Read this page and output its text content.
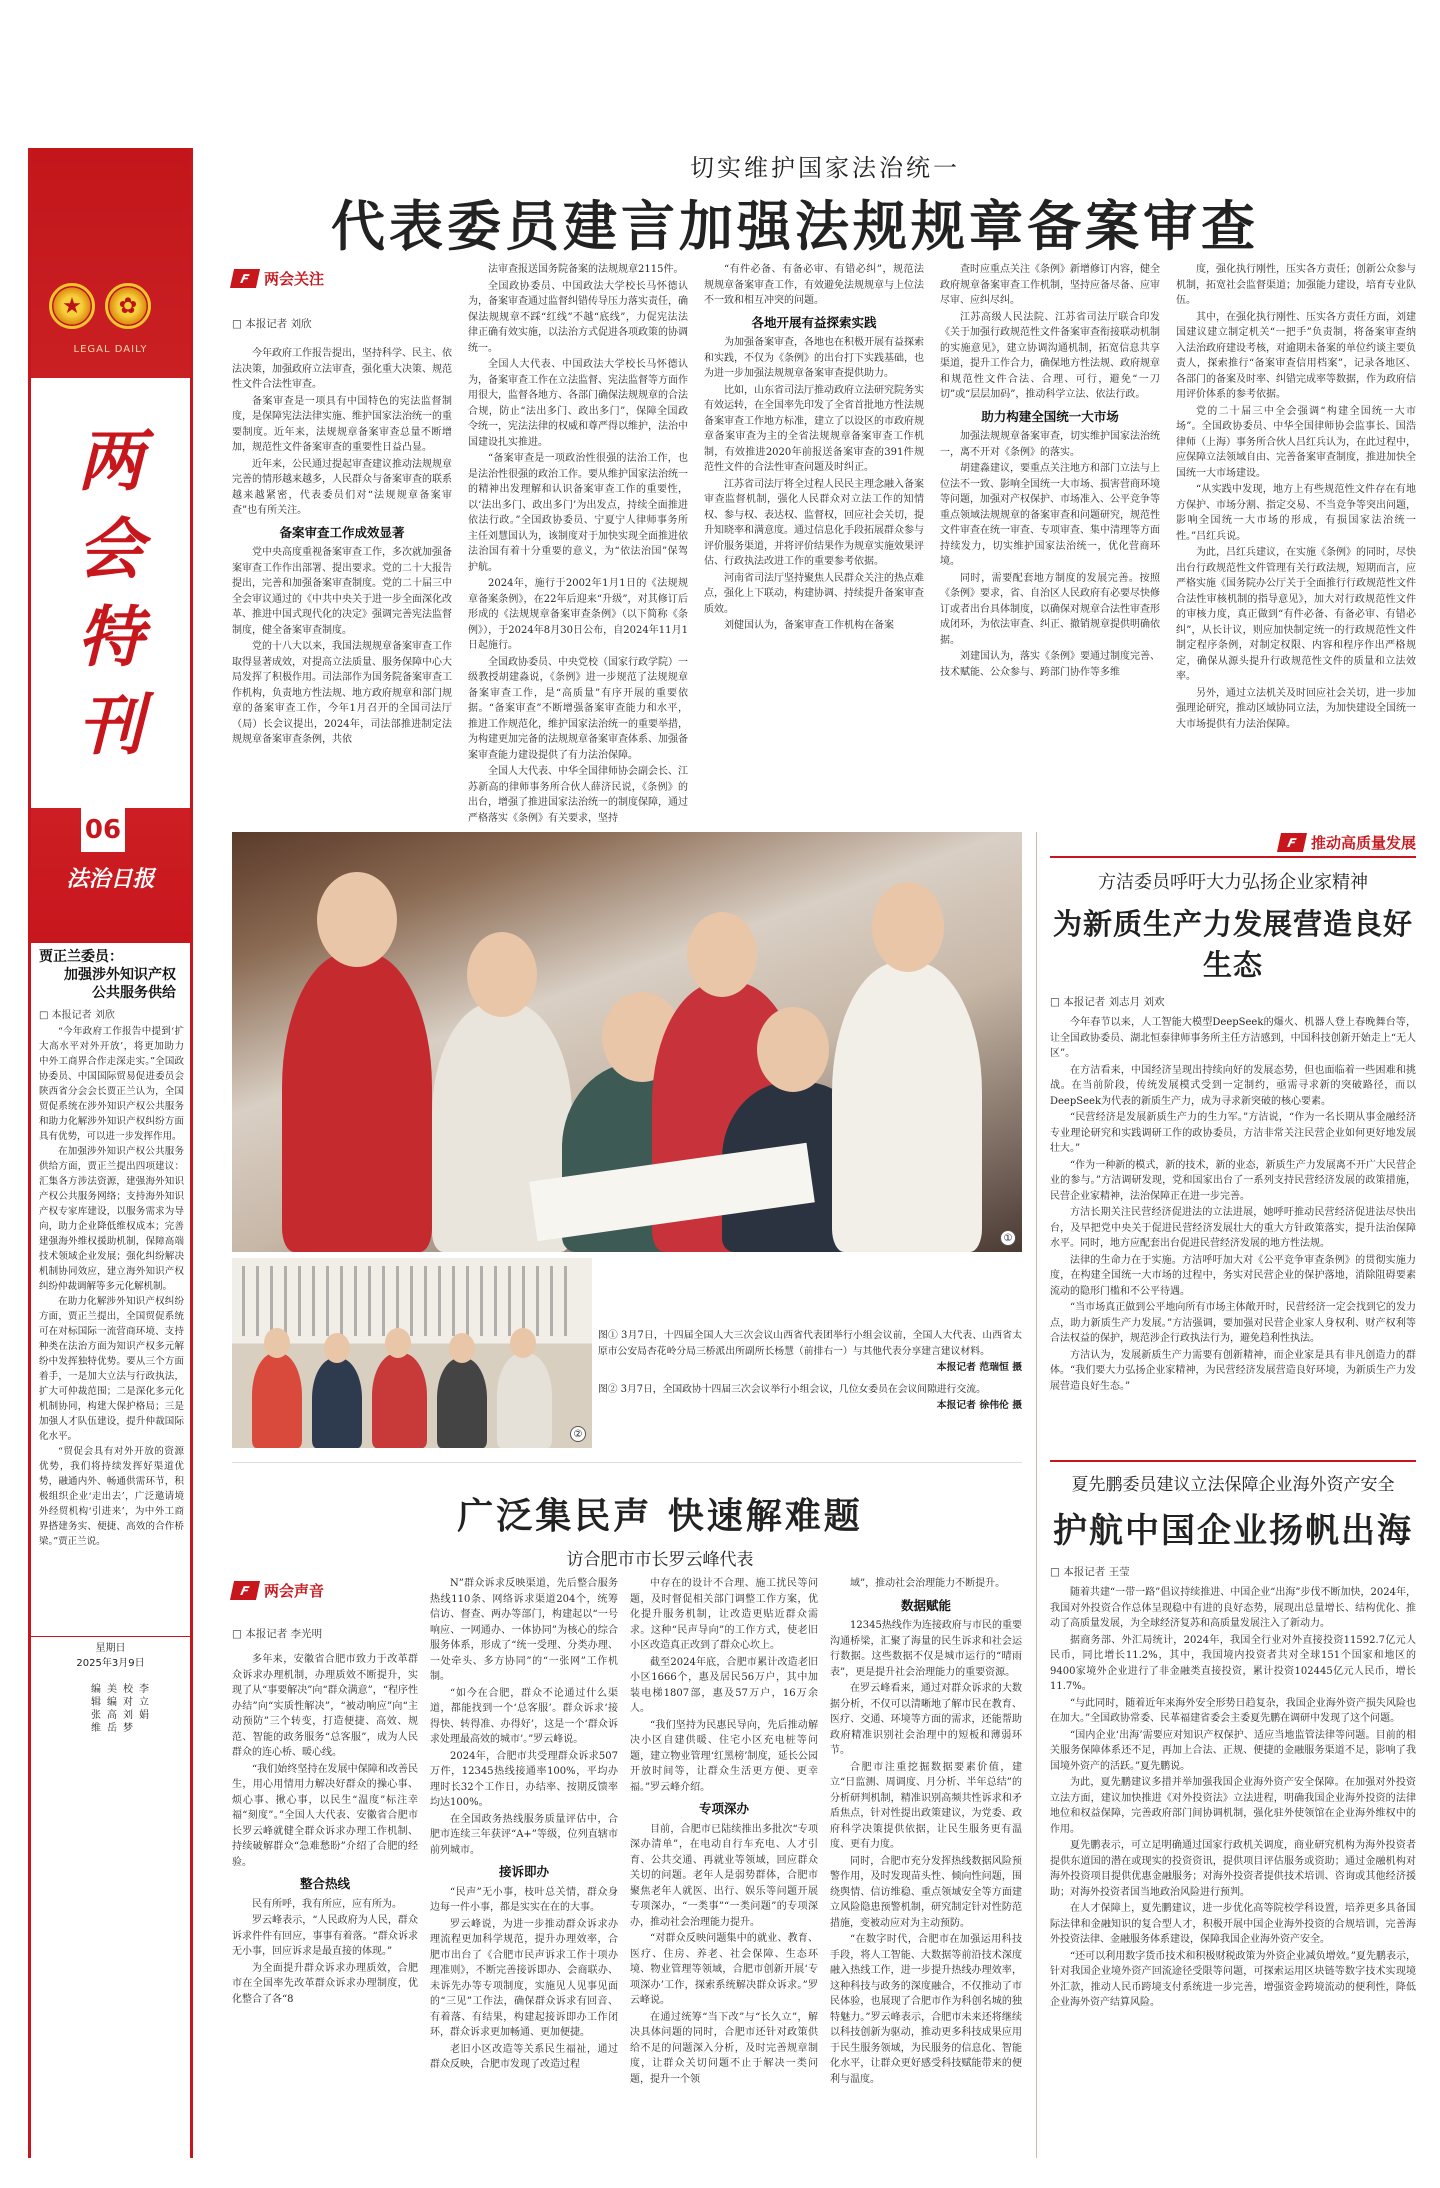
★	✿
LEGAL DAILY
两
会
特
刊
06
法治日报
贾正兰委员：

加强涉外知识产权
公共服务供给
□ 本报记者 刘欣

“今年政府工作报告中提到‘扩大高水平对外开放’，将更加助力中外工商界合作走深走实。”全国政协委员、中国国际贸易促进委员会陕西省分会会长贾正兰认为，全国贸促系统在涉外知识产权公共服务和助力化解涉外知识产权纠纷方面具有优势，可以进一步发挥作用。

在加强涉外知识产权公共服务供给方面，贾正兰提出四项建议：汇集各方涉法资源，建强海外知识产权公共服务网络；支持海外知识产权专家库建设，以服务需求为导向，助力企业降低维权成本；完善建强海外维权援助机制，保障高端技术领域企业发展；强化纠纷解决机制协同效应，建立海外知识产权纠纷仲裁调解等多元化解机制。

在助力化解涉外知识产权纠纷方面，贾正兰提出，全国贸促系统可在对标国际一流营商环境、支持种类在法治方面为知识产权多元解纷中发挥独特优势。要从三个方面着手，一是加大立法与行政执法，扩大可仲裁范围；二是深化多元化机制协同，构建大保护格局；三是加强人才队伍建设，提升仲裁国际化水平。

“贸促会具有对外开放的资源优势，我们将持续发挥好渠道优势，融通内外、畅通供需环节，积极组织企业‘走出去’，广泛邀请境外经贸机构‘引进来’，为中外工商界搭建务实、便捷、高效的合作桥梁。”贾正兰说。

星期日
2025年3月9日
编辑 张维
美编 高岳
校对 刘梦
李立娟
切实维护国家法治统一
代表委员建言加强法规规章备案审查
F 两会关注
□ 本报记者 刘欣

今年政府工作报告提出，坚持科学、民主、依法决策，加强政府立法审查，强化重大决策、规范性文件合法性审查。

备案审查是一项具有中国特色的宪法监督制度，是保障宪法法律实施、维护国家法治统一的重要制度。近年来，法规规章备案审查总量不断增加，规范性文件备案审查的重要性日益凸显。

近年来，公民通过提起审查建议推动法规规章完善的情形越来越多，人民群众与备案审查的联系越来越紧密，代表委员们对“法规规章备案审查”也有所关注。

备案审查工作成效显著

党中央高度重视备案审查工作，多次就加强备案审查工作作出部署、提出要求。党的二十大报告提出，完善和加强备案审查制度。党的二十届三中全会审议通过的《中共中央关于进一步全面深化改革、推进中国式现代化的决定》强调完善宪法监督制度，健全备案审查制度。

党的十八大以来，我国法规规章备案审查工作取得显著成效，对提高立法质量、服务保障中心大局发挥了积极作用。司法部作为国务院备案审查工作机构，负责地方性法规、地方政府规章和部门规章的备案审查工作，今年1月召开的全国司法厅（局）长会议提出，2024年，司法部推进制定法规规章备案审查条例，共依

法审查报送国务院备案的法规规章2115件。

全国政协委员、中国政法大学校长马怀德认为，备案审查通过监督纠错传导压力落实责任，确保法规规章不踩“红线”不越“底线”，力促宪法法律正确有效实施，以法治方式促进各项政策的协调统一。

全国人大代表、中国政法大学校长马怀德认为，备案审查工作在立法监督、宪法监督等方面作用很大，监督各地方、各部门确保法规规章的合法合规，防止“法出多门、政出多门”，保障全国政令统一，宪法法律的权威和尊严得以维护，法治中国建设扎实推进。

“备案审查是一项政治性很强的法治工作，也是法治性很强的政治工作。要从维护国家法治统一的精神出发理解和认识备案审查工作的重要性，以‘法出多门、政出多门’为出发点，持续全面推进依法行政。”全国政协委员、宁夏宁人律师事务所主任刘慧国认为，该制度对于加快实现全面推进依法治国有着十分重要的意义，为“依法治国”保驾护航。

2024年，施行于2002年1月1日的《法规规章备案条例》，在22年后迎来“升级”，对其修订后形成的《法规规章备案审查条例》（以下简称《条例》），于2024年8月30日公布，自2024年11月1日起施行。

全国政协委员、中央党校（国家行政学院）一级教授胡建淼说，《条例》进一步规范了法规规章备案审查工作，是“高质量”有序开展的重要依据。“备案审查”不断增强备案审查能力和水平，推进工作规范化，维护国家法治统一的重要举措，为构建更加完备的法规规章备案审查体系、加强备案审查能力建设提供了有力法治保障。

全国人大代表、中华全国律师协会副会长、江苏新高的律师事务所合伙人薛济民说，《条例》的出台，增强了推进国家法治统一的制度保障，通过严格落实《条例》有关要求，坚持

“有件必备、有备必审、有错必纠”，规范法规规章备案审查工作，有效避免法规规章与上位法不一致和相互冲突的问题。

各地开展有益探索实践

为加强备案审查，各地也在积极开展有益探索和实践，不仅为《条例》的出台打下实践基础，也为进一步加强法规规章备案审查提供助力。

比如，山东省司法厅推动政府立法研究院务实有效运转，在全国率先印发了全省首批地方性法规备案审查工作地方标准，建立了以设区的市政府规章备案审查为主的全省法规规章备案审查工作机制，有效推进2020年前报送备案审查的391件规范性文件的合法性审查问题及时纠正。

江苏省司法厅将全过程人民民主理念融入备案审查监督机制，强化人民群众对立法工作的知情权、参与权、表达权、监督权，回应社会关切，提升知晓率和满意度。通过信息化手段拓展群众参与评价服务渠道，并将评价结果作为规章实施效果评估、行政执法改进工作的重要参考依据。

河南省司法厅坚持聚焦人民群众关注的热点难点，强化上下联动，构建协调、持续提升备案审查质效。

刘健国认为，备案审查工作机构在备案

查时应重点关注《条例》新增修订内容，健全政府规章备案审查工作机制，坚持应备尽备、应审尽审、应纠尽纠。

江苏高级人民法院、江苏省司法厅联合印发《关于加强行政规范性文件备案审查衔接联动机制的实施意见》，建立协调沟通机制，拓宽信息共享渠道，提升工作合力，确保地方性法规、政府规章和规范性文件合法、合理、可行，避免“一刀切”或“层层加码”，推动科学立法、依法行政。

助力构建全国统一大市场

加强法规规章备案审查，切实维护国家法治统一，离不开对《条例》的落实。

胡建淼建议，要重点关注地方和部门立法与上位法不一致、影响全国统一大市场、损害营商环境等问题，加强对产权保护、市场准入、公平竞争等重点领域法规规章的备案审查和问题研究，规范性文件审查在统一审查、专项审查、集中清理等方面持续发力，切实维护国家法治统一，优化营商环境。

同时，需要配套地方制度的发展完善。按照《条例》要求，省、自治区人民政府有必要尽快修订或者出台具体制度，以确保对规章合法性审查形成闭环，为依法审查、纠正、撤销规章提供明确依据。

刘建国认为，落实《条例》要通过制度完善、技术赋能、公众参与、跨部门协作等多维

度，强化执行刚性，压实各方责任；创新公众参与机制，拓宽社会监督渠道；加强能力建设，培育专业队伍。

其中，在强化执行刚性、压实各方责任方面，刘建国建议建立制定机关“一把手”负责制，将备案审查纳入法治政府建设考核，对逾期未备案的单位约谈主要负责人，探索推行“备案审查信用档案”，记录各地区、各部门的备案及时率、纠错完成率等数据，作为政府信用评价体系的参考依据。

党的二十届三中全会强调“构建全国统一大市场”。全国政协委员、中华全国律师协会监事长、国浩律师（上海）事务所合伙人吕红兵认为，在此过程中，应保障立法领域自由、完善备案审查制度，推进加快全国统一大市场建设。

“从实践中发现，地方上有些规范性文件存在有地方保护、市场分割、指定交易、不当竞争等突出问题，影响全国统一大市场的形成，有损国家法治统一性。”吕红兵说。

为此，吕红兵建议，在实施《条例》的同时，尽快出台行政规范性文件管理有关行政法规，短期而言，应严格实施《国务院办公厅关于全面推行行政规范性文件合法性审核机制的指导意见》，加大对行政规范性文件的审核力度，真正做到“有件必备、有备必审、有错必纠”，从长计议，则应加快制定统一的行政规范性文件制定程序条例，对制定权限、内容和程序作出严格规定，确保从源头提升行政规范性文件的质量和立法效率。

另外，通过立法机关及时回应社会关切，进一步加强理论研究，推动区域协同立法，为加快建设全国统一大市场提供有力法治保障。

①
②
图① 3月7日，十四届全国人大三次会议山西省代表团举行小组会议前，全国人大代表、山西省太原市公安局杏花岭分局三桥派出所副所长杨慧（前排右一）与其他代表分享建言建议材料。
本报记者 范瑞恒 摄
图② 3月7日，全国政协十四届三次会议举行小组会议，几位女委员在会议间隙进行交流。
本报记者 徐伟伦 摄
F 推动高质量发展
方洁委员呼吁大力弘扬企业家精神
为新质生产力发展营造良好生态
□ 本报记者 刘志月 刘欢

今年春节以来，人工智能大模型DeepSeek的爆火、机器人登上春晚舞台等，让全国政协委员、湖北恒泰律师事务所主任方洁感到，中国科技创新开始走上“无人区”。

在方洁看来，中国经济呈现出持续向好的发展态势，但也面临着一些困难和挑战。在当前阶段，传统发展模式受到一定制约，亟需寻求新的突破路径，而以DeepSeek为代表的新质生产力，成为寻求新突破的核心要素。

“民营经济是发展新质生产力的生力军。”方洁说，“作为一名长期从事金融经济专业理论研究和实践调研工作的政协委员，方洁非常关注民营企业如何更好地发展壮大。”

“作为一种新的模式，新的技术，新的业态，新质生产力发展离不开广大民营企业的参与。”方洁调研发现，党和国家出台了一系列支持民营经济发展的政策措施，民营企业家精神，法治保障正在进一步完善。

方洁长期关注民营经济促进法的立法进展，她呼吁推动民营经济促进法尽快出台，及早把党中央关于促进民营经济发展壮大的重大方针政策落实，提升法治保障水平。同时，地方应配套出台促进民营经济发展的地方性法规。

法律的生命力在于实施。方洁呼吁加大对《公平竞争审查条例》的贯彻实施力度，在构建全国统一大市场的过程中，务实对民营企业的保护落地，消除阻碍要素流动的隐形门槛和不公平待遇。

“当市场真正做到公平地向所有市场主体敞开时，民营经济一定会找到它的发力点，助力新质生产力发展。”方洁强调，要加强对民营企业家人身权利、财产权利等合法权益的保护，规范涉企行政执法行为，避免趋利性执法。

方洁认为，发展新质生产力需要有创新精神，而企业家是具有非凡创造力的群体。“我们要大力弘扬企业家精神，为民营经济发展营造良好环境，为新质生产力发展营造良好生态。”

夏先鹏委员建议立法保障企业海外资产安全
护航中国企业扬帆出海
□ 本报记者 王莹

随着共建“一带一路”倡议持续推进、中国企业“出海”步伐不断加快，2024年，我国对外投资合作总体呈现稳中有进的良好态势，展现出总量增长、结构优化、推动了高质量发展，为全球经济复苏和高质量发展注入了新动力。

据商务部、外汇局统计，2024年，我国全行业对外直接投资11592.7亿元人民币，同比增长11.2%，其中，我国境内投资者共对全球151个国家和地区的9400家境外企业进行了非金融类直接投资，累计投资102445亿元人民币，增长11.7%。

“与此同时，随着近年来海外安全形势日趋复杂，我国企业海外资产损失风险也在加大。”全国政协常委、民革福建省委会主委夏先鹏在调研中发现了这个问题。

“国内企业‘出海’需要应对知识产权保护、适应当地监管法律等问题。目前的相关服务保障体系还不足，再加上合法、正规、便捷的金融服务渠道不足，影响了我国境外资产的活跃。”夏先鹏说。

为此，夏先鹏建议多措并举加强我国企业海外资产安全保障。在加强对外投资立法方面，建议加快推进《对外投资法》立法进程，明确我国企业海外投资的法律地位和权益保障，完善政府部门间协调机制，强化驻外使领馆在企业海外维权中的作用。

夏先鹏表示，可立足明确通过国家行政机关调度，商业研究机构为海外投资者提供东道国的潜在或现实的投资资讯，提供项目评估服务或资助；通过金融机构对海外投资项目提供优惠金融服务；对海外投资者提供技术培训、咨询或其他经济援助；对海外投资者国当地政治风险进行预判。

在人才保障上，夏先鹏建议，进一步优化高等院校学科设置，培养更多具备国际法律和金融知识的复合型人才，积极开展中国企业海外投资的合规培训，完善海外投资法律、金融服务体系建设，保障我国企业海外资产安全。

“还可以利用数字货币技术和积极财税政策为外资企业减负增效。”夏先鹏表示，针对我国企业境外资产回流途径受限等问题，可探索运用区块链等数字技术实现境外汇款，推动人民币跨境支付系统进一步完善，增强资金跨境流动的便利性，降低企业海外资产结算风险。

广泛集民声 快速解难题
访合肥市市长罗云峰代表
F 两会声音
□ 本报记者 李光明

多年来，安徽省合肥市致力于改革群众诉求办理机制，办理质效不断提升，实现了从“事要解决”向“群众满意”，“程序性办结”向“实质性解决”，“被动响应”向“主动预防”三个转变，打造便捷、高效、规范、智能的政务服务“总客服”，成为人民群众的连心桥、暖心线。

“我们始终坚持在发展中保障和改善民生，用心用情用力解决好群众的操心事、烦心事、揪心事，以民生“温度”标注幸福“刻度”。”全国人大代表、安徽省合肥市长罗云峰就健全群众诉求办理工作机制、持续破解群众“急难愁盼”介绍了合肥的经验。

整合热线

民有所呼，我有所应，应有所为。

罗云峰表示，“人民政府为人民，群众诉求件件有回应，事事有着落。“群众诉求无小事，回应诉求是最直接的体现。”

为全面提升群众诉求办理质效，合肥市在全国率先改革群众诉求办理制度，优化整合了各“8

N”群众诉求反映渠道，先后整合服务热线110条、网络诉求渠道204个，统筹信访、督查、两办等部门，构建起以“一号响应、一网通办、一体协同”为核心的综合服务体系，形成了“统一受理、分类办理、一处牵头、多方协同”的“一张网”工作机制。

“如今在合肥，群众不论通过什么渠道，都能找到一个‘总客服’。群众诉求‘接得快、转得准、办得好’，这是一个‘群众诉求处理最高效的城市’。”罗云峰说。

2024年，合肥市共受理群众诉求507万件，12345热线接通率100%，平均办理时长32个工作日，办结率、按期反馈率均达100%。

在全国政务热线服务质量评估中，合肥市连续三年获评“A+”等级，位列直辖市前列城市。

接诉即办

“民声”无小事，枝叶总关情，群众身边每一件小事，都是实实在在的大事。

罗云峰说，为进一步推动群众诉求办理流程更加科学规范，提升办理效率，合肥市出台了《合肥市民声诉求工作十项办理准则》，不断完善接诉即办、会商联办、未诉先办等专项制度，实施见人见事见面的“三见”工作法，确保群众诉求有回音、有着落、有结果，构建起接诉即办工作闭环，群众诉求更加畅通、更加便捷。

老旧小区改造等关系民生福祉，通过群众反映，合肥市发现了改造过程

中存在的设计不合理、施工扰民等问题，及时督促相关部门调整工作方案，优化提升服务机制，让改造更贴近群众需求。这种“民声导向”的工作方式，使老旧小区改造真正改到了群众心坎上。

截至2024年底，合肥市累计改造老旧小区1666个，惠及居民56万户，其中加装电梯1807部，惠及57万户，16万余人。

“我们坚持为民惠民导向，先后推动解决小区自建供暖、住宅小区充电桩等问题，建立物业管理‘红黑榜’制度，延长公园开放时间等，让群众生活更方便、更幸福。”罗云峰介绍。

专项深办

目前，合肥市已陆续推出多批次“专项深办清单”，在电动自行车充电、人才引育、公共交通、再就业等领域，回应群众关切的问题。老年人是弱势群体，合肥市聚焦老年人就医、出行、娱乐等问题开展专项深办，“一类事”“一类问题”的专项深办，推动社会治理能力提升。

“对群众反映问题集中的就业、教育、医疗、住房、养老、社会保障、生态环境、物业管理等领域，合肥市创新开展‘专项深办’工作，探索系统解决群众诉求。”罗云峰说。

在通过统筹“当下改”与“长久立”，解决具体问题的同时，合肥市还针对政策供给不足的问题深入分析，及时完善规章制度，让群众关切问题不止于解决一类问题，提升一个领

域”，推动社会治理能力不断提升。

数据赋能

12345热线作为连接政府与市民的重要沟通桥梁，汇聚了海量的民生诉求和社会运行数据。这些数据不仅是城市运行的“晴雨表”，更是提升社会治理能力的重要资源。

在罗云峰看来，通过对群众诉求的大数据分析，不仅可以清晰地了解市民在教育、医疗、交通、环境等方面的需求，还能帮助政府精准识别社会治理中的短板和薄弱环节。

合肥市注重挖掘数据要素价值，建立“日监测、周调度、月分析、半年总结”的分析研判机制，精准识别高频共性诉求和矛盾焦点，针对性提出政策建议，为党委、政府科学决策提供依据，让民生服务更有温度、更有力度。

同时，合肥市充分发挥热线数据风险预警作用，及时发现苗头性、倾向性问题，围绕舆情、信访维稳、重点领域安全等方面建立风险隐患预警机制，研究制定针对性防范措施，变被动应对为主动预防。

“在数字时代，合肥市在加强运用科技手段，将人工智能、大数据等前沿技术深度融入热线工作，进一步提升热线办理效率，这种科技与政务的深度融合，不仅推动了市民体验，也展现了合肥市作为科创名城的独特魅力。”罗云峰表示，合肥市未来还将继续以科技创新为驱动，推动更多科技成果应用于民生服务领域，为民服务的信息化、智能化水平，让群众更好感受科技赋能带来的便利与温度。
